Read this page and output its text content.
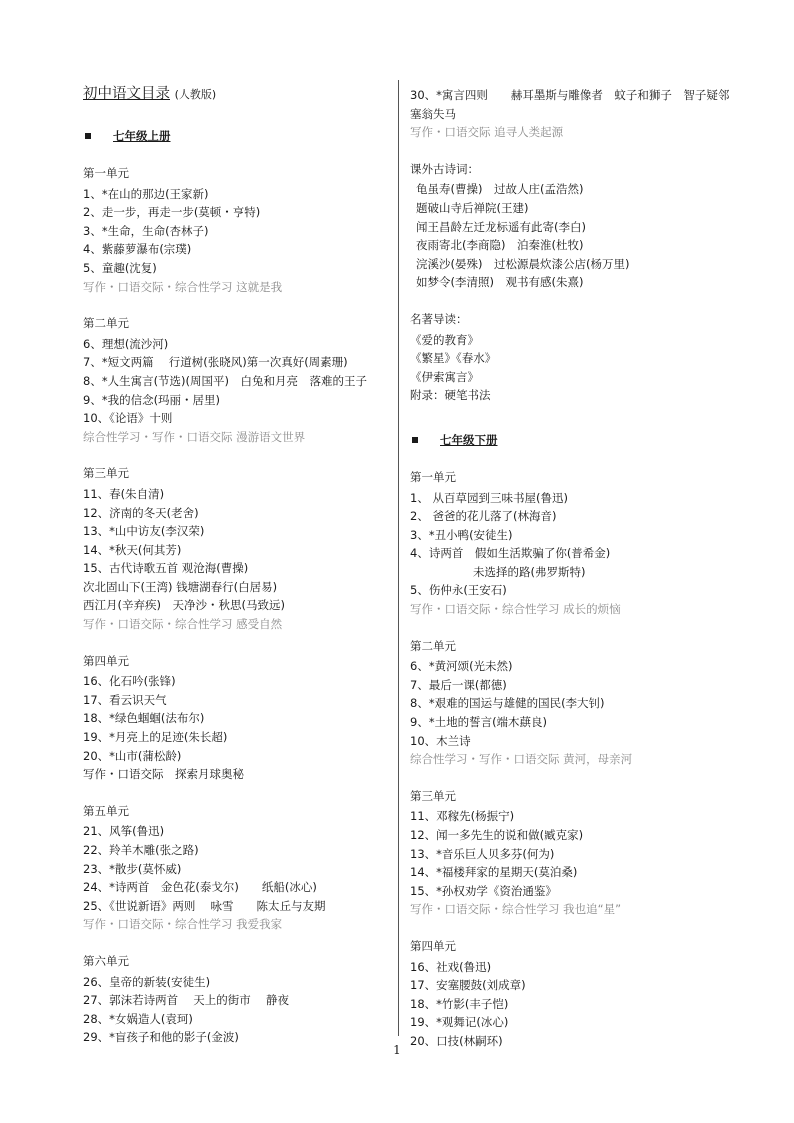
初中语文目录 (人教版)
七年级上册
第一单元
1、*在山的那边(王家新)
2、走一步，再走一步(莫顿・亨特)
3、*生命，生命(杏林子)
4、紫藤萝瀑布(宗璞)
5、童趣(沈复)
写作・口语交际・综合性学习 这就是我
第二单元
6、理想(流沙河)
7、*短文两篇　 行道树(张晓风)第一次真好(周素珊)
8、*人生寓言(节选)(周国平)　白兔和月亮　落难的王子
9、*我的信念(玛丽・居里)
10、《论语》十则
综合性学习・写作・口语交际 漫游语文世界
第三单元
11、春(朱自清)
12、济南的冬天(老舍)
13、*山中访友(李汉荣)
14、*秋天(何其芳)
15、古代诗歌五首 观沧海(曹操)
次北固山下(王湾) 钱塘湖春行(白居易)
西江月(辛弃疾)　天净沙・秋思(马致远)
写作・口语交际・综合性学习 感受自然
第四单元
16、化石吟(张锋)
17、看云识天气
18、*绿色蝈蝈(法布尔)
19、*月亮上的足迹(朱长超)
20、*山市(蒲松龄)
写作・口语交际　探索月球奥秘
第五单元
21、风筝(鲁迅)
22、羚羊木雕(张之路)
23、*散步(莫怀威)
24、*诗两首　金色花(泰戈尔)　　纸船(冰心)
25、《世说新语》两则　 咏雪　　陈太丘与友期
写作・口语交际・综合性学习 我爱我家
第六单元
26、皇帝的新装(安徒生)
27、郭沫若诗两首　 天上的街市　 静夜
28、*女娲造人(袁珂)
29、*盲孩子和他的影子(金波)
30、*寓言四则　　赫耳墨斯与雕像者　蚊子和狮子　智子疑邻　塞翁失马
写作・口语交际 追寻人类起源
课外古诗词：
龟虽寿(曹操)　过故人庄(孟浩然)
题破山寺后禅院(王建)
闻王昌龄左迁龙标遥有此寄(李白)
夜雨寄北(李商隐)　泊秦淮(杜牧)
浣溪沙(晏殊)　过松源晨炊漆公店(杨万里)
如梦令(李清照)　观书有感(朱熹)
名著导读：
《爱的教育》
《繁星》《春水》
《伊索寓言》
附录：硬笔书法
七年级下册
第一单元
1、 从百草园到三味书屋(鲁迅)
2、 爸爸的花儿落了(林海音)
3、*丑小鸭(安徒生)
4、诗两首　假如生活欺骗了你(普希金)
未选择的路(弗罗斯特)
5、伤仲永(王安石)
写作・口语交际・综合性学习 成长的烦恼
第二单元
6、*黄河颂(光未然)
7、最后一课(都德)
8、*艰难的国运与雄健的国民(李大钊)
9、*土地的誓言(端木蕻良)
10、木兰诗
综合性学习・写作・口语交际 黄河，母亲河
第三单元
11、邓稼先(杨振宁)
12、闻一多先生的说和做(臧克家)
13、*音乐巨人贝多芬(何为)
14、*福楼拜家的星期天(莫泊桑)
15、*孙权劝学《资治通鉴》
写作・口语交际・综合性学习 我也追“星”
第四单元
16、社戏(鲁迅)
17、安塞腰鼓(刘成章)
18、*竹影(丰子恺)
19、*观舞记(冰心)
20、口技(林嗣环)
1
